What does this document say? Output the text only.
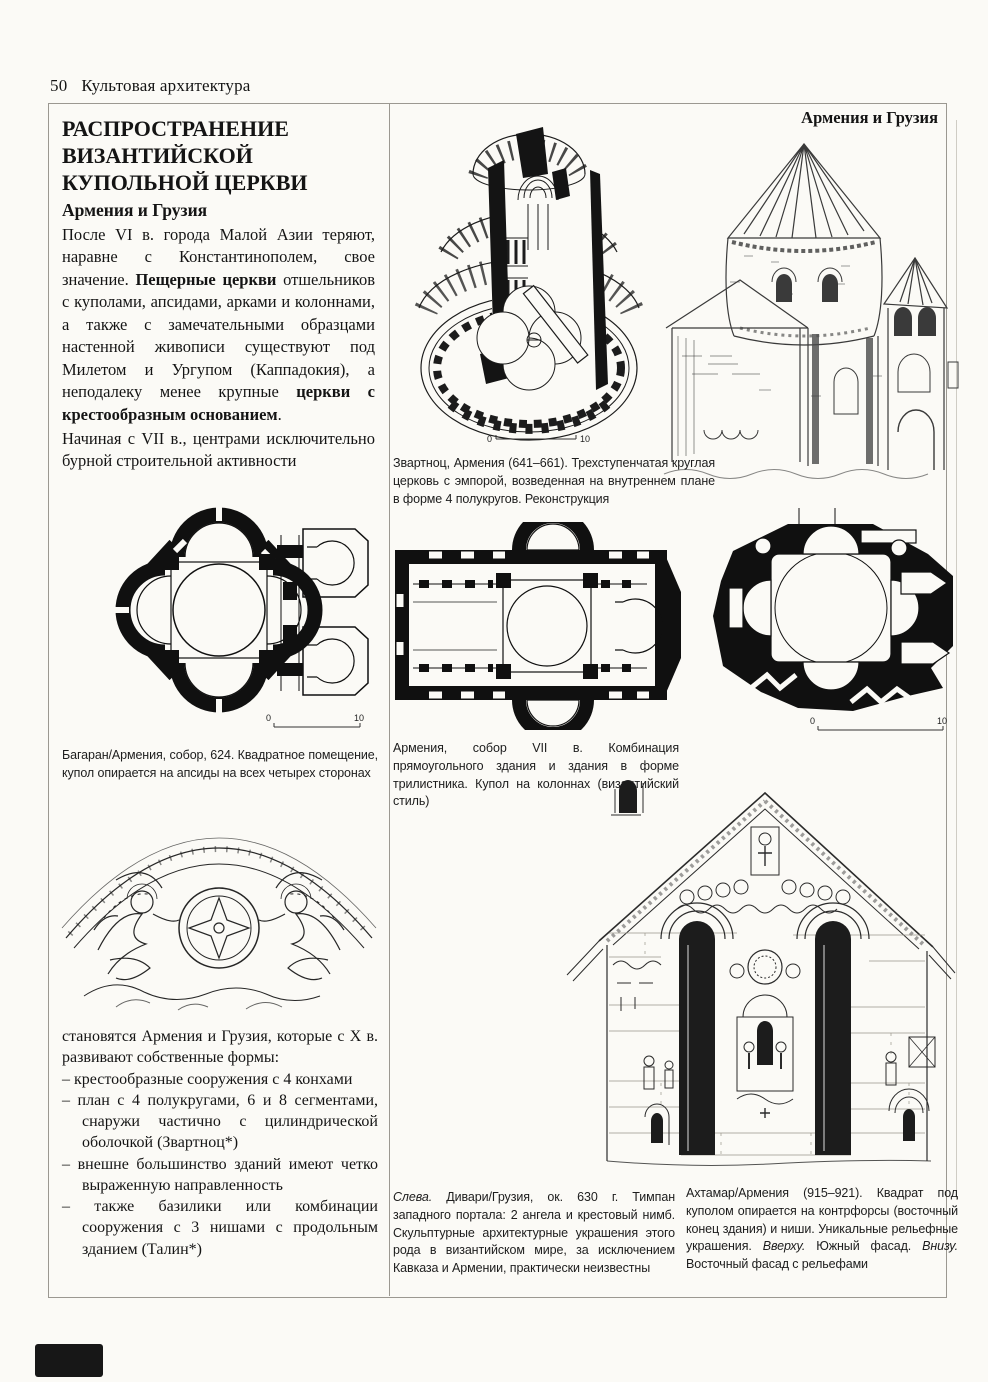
50 Культовая архитектура
РАСПРОСТРАНЕНИЕ
ВИЗАНТИЙСКОЙ
КУПОЛЬНОЙ ЦЕРКВИ
Армения и Грузия
После VI в. города Малой Азии теряют, наравне с Константинополем, свое значение. Пещерные церкви отшельников с куполами, апсидами, арками и колоннами, а также с замечательными образцами настенной живописи существуют под Милетом и Ургупом (Каппадокия), а неподалеку менее крупные церкви с крестообразным основанием.
Начиная с VII в., центрами исключительно бурной строительной активности
Армения и Грузия
0	10
0	10	0	10
Звартноц, Армения (641–661). Трехступенчатая круглая церковь с эмпорой, возведенная на внутреннем плане в форме 4 полукругов. Реконструкция
Багаран/Армения, собор, 624. Квадратное помещение, купол опирается на апсиды на всех четырех сторонах
Армения, собор VII в. Комбинация прямоугольного здания и здания в форме трилистника. Купол на колоннах (византийский стиль)
Слева. Дивари/Грузия, ок. 630 г. Тимпан западного портала: 2 ангела и крестовый нимб. Скульптурные архитектурные украшения этого рода в византийском мире, за исключением Кавказа и Армении, практически неизвестны
Ахтамар/Армения (915–921). Квадрат под куполом опирается на контрфорсы (восточный конец здания) и ниши. Уникальные рельефные украшения. Вверху. Южный фасад. Внизу. Восточный фасад с рельефами
становятся Армения и Грузия, которые с X в. развивают собственные формы:
– крестообразные сооружения с 4 конхами
– план с 4 полукругами, 6 и 8 сегментами, снаружи частично с цилиндрической оболочкой (Звартноц*)
– внешне большинство зданий имеют четко выраженную направленность
– также базилики или комбинации сооружения с 3 нишами с продольным зданием (Талин*)
